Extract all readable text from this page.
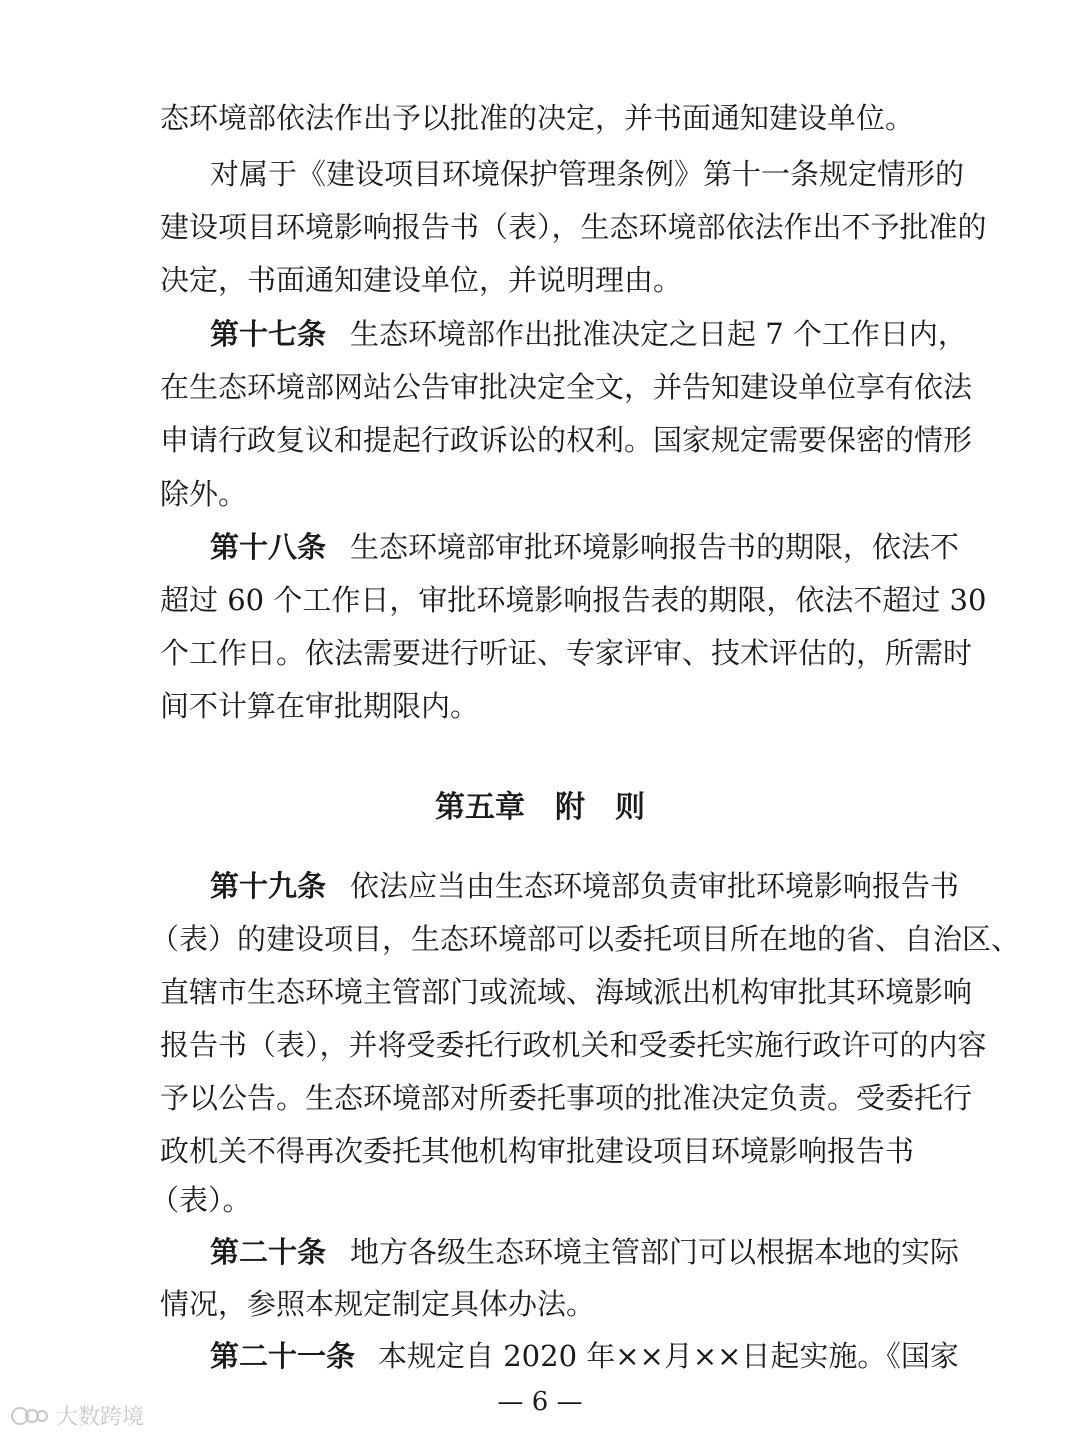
态环境部依法作出予以批准的决定，并书面通知建设单位。
对属于《建设项目环境保护管理条例》第十一条规定情形的
建设项目环境影响报告书（表），生态环境部依法作出不予批准的
决定，书面通知建设单位，并说明理由。
第十七条 生态环境部作出批准决定之日起 7 个工作日内，
在生态环境部网站公告审批决定全文，并告知建设单位享有依法
申请行政复议和提起行政诉讼的权利。国家规定需要保密的情形
除外。
第十八条 生态环境部审批环境影响报告书的期限，依法不
超过 60 个工作日，审批环境影响报告表的期限，依法不超过 30
个工作日。依法需要进行听证、专家评审、技术评估的，所需时
间不计算在审批期限内。
第五章　附　则
第十九条 依法应当由生态环境部负责审批环境影响报告书
（表）的建设项目，生态环境部可以委托项目所在地的省、自治区、
直辖市生态环境主管部门或流域、海域派出机构审批其环境影响
报告书（表），并将受委托行政机关和受委托实施行政许可的内容
予以公告。生态环境部对所委托事项的批准决定负责。受委托行
政机关不得再次委托其他机构审批建设项目环境影响报告书
（表）。
第二十条 地方各级生态环境主管部门可以根据本地的实际
情况，参照本规定制定具体办法。
第二十一条 本规定自 2020 年××月××日起实施。《国家
— 6 —
大数跨境
